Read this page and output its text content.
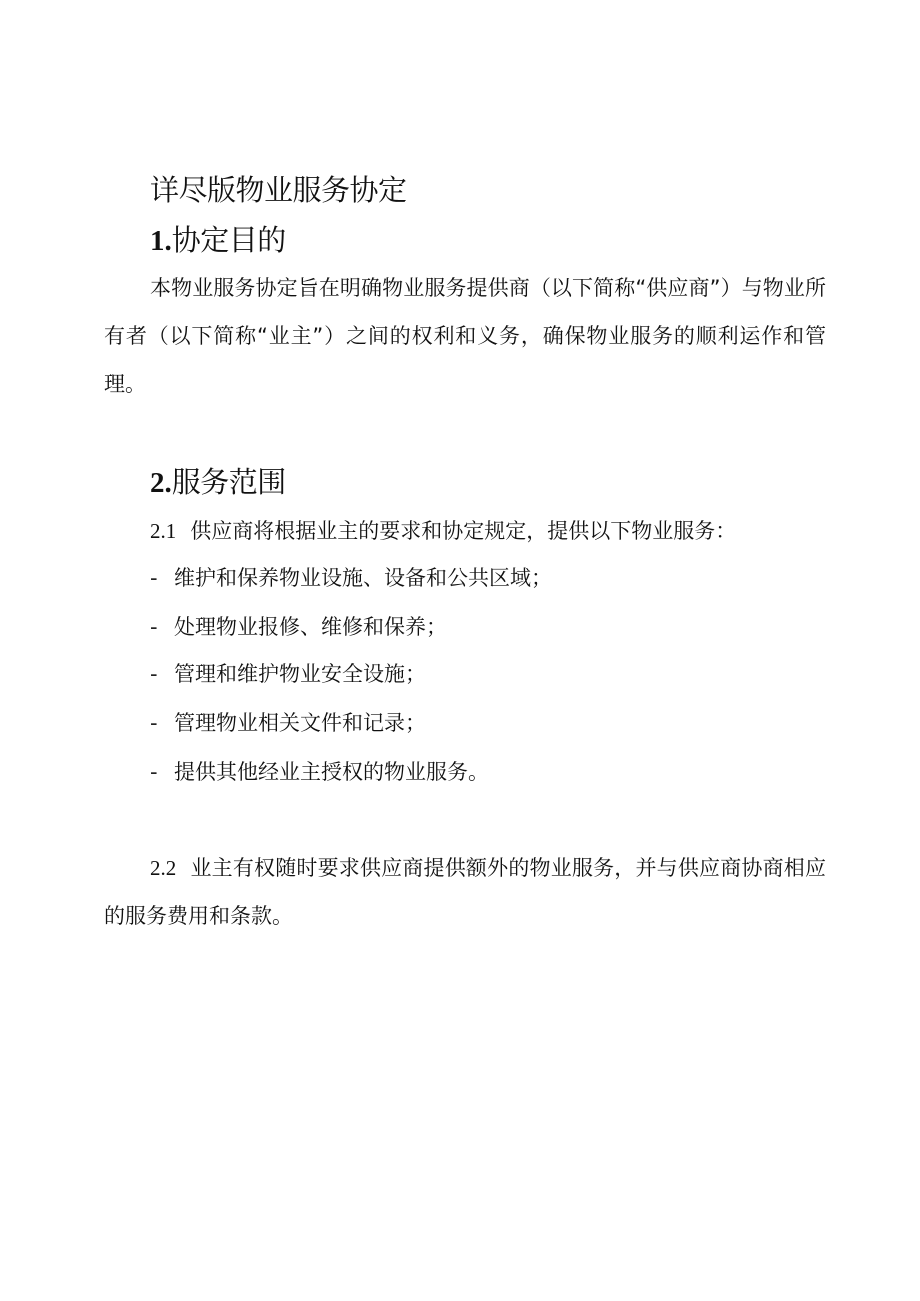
详尽版物业服务协定
1.协定目的

本物业服务协定旨在明确物业服务提供商（以下简称“供应商”）与物业所有者（以下简称“业主”）之间的权利和义务，确保物业服务的顺利运作和管理。

2.服务范围
2.1 供应商将根据业主的要求和协定规定，提供以下物业服务：
- 维护和保养物业设施、设备和公共区域；
- 处理物业报修、维修和保养；
- 管理和维护物业安全设施；
- 管理物业相关文件和记录；
- 提供其他经业主授权的物业服务。

2.2 业主有权随时要求供应商提供额外的物业服务，并与供应商协商相应的服务费用和条款。
